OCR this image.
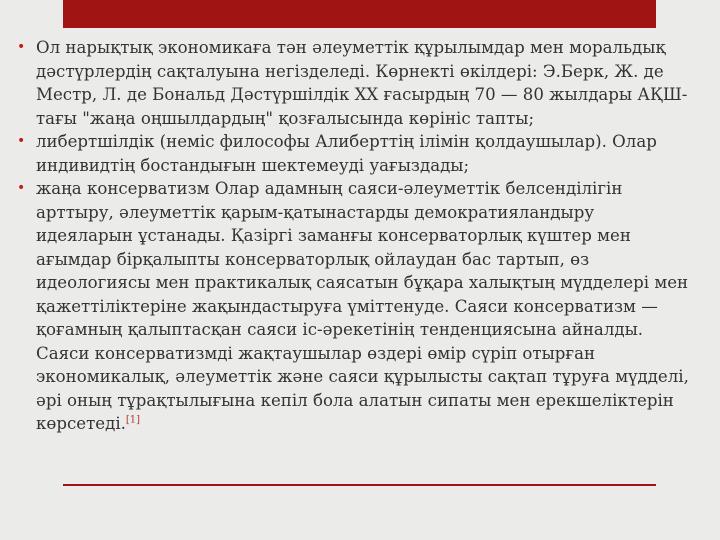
• Ол нарықтық экономикаға тән әлеуметтік құрылымдар мен моральдық дәстүрлердің сақталуына негізделеді. Көрнекті өкілдері: Э.Берк, Ж. де Местр, Л. де Бональд Дәстүршілдік ХХ ғасырдың 70 — 80 жылдары АҚШ-тағы "жаңа оңшылдардың" қозғалысында көрініс тапты;
• либертшілдік (неміс философы Алиберттің ілімін қолдаушылар). Олар индивидтің бостандығын шектемеуді уағыздады;
• жаңа консерватизм Олар адамның саяси-әлеуметтік белсенділігін арттыру, әлеуметтік қарым-қатынастарды демократияландыру идеяларын ұстанады. Қазіргі заманғы консерваторлық күштер мен ағымдар бірқалыпты консерваторлық ойлаудан бас тартып, өз идеологиясы мен практикалық саясатын бұқара халықтың мүдделері мен қажеттіліктеріне жақындастыруға үміттенуде. Саяси консерватизм — қоғамның қалыптасқан саяси іс-әрекетінің тенденциясына айналды. Саяси консерватизмді жақтаушылар өздері өмір сүріп отырған экономикалық, әлеуметтік және саяси құрылысты сақтап тұруға мүдделі, әрі оның тұрақтылығына кепіл бола алатын сипаты мен ерекшеліктерін көрсетеді.[1]
